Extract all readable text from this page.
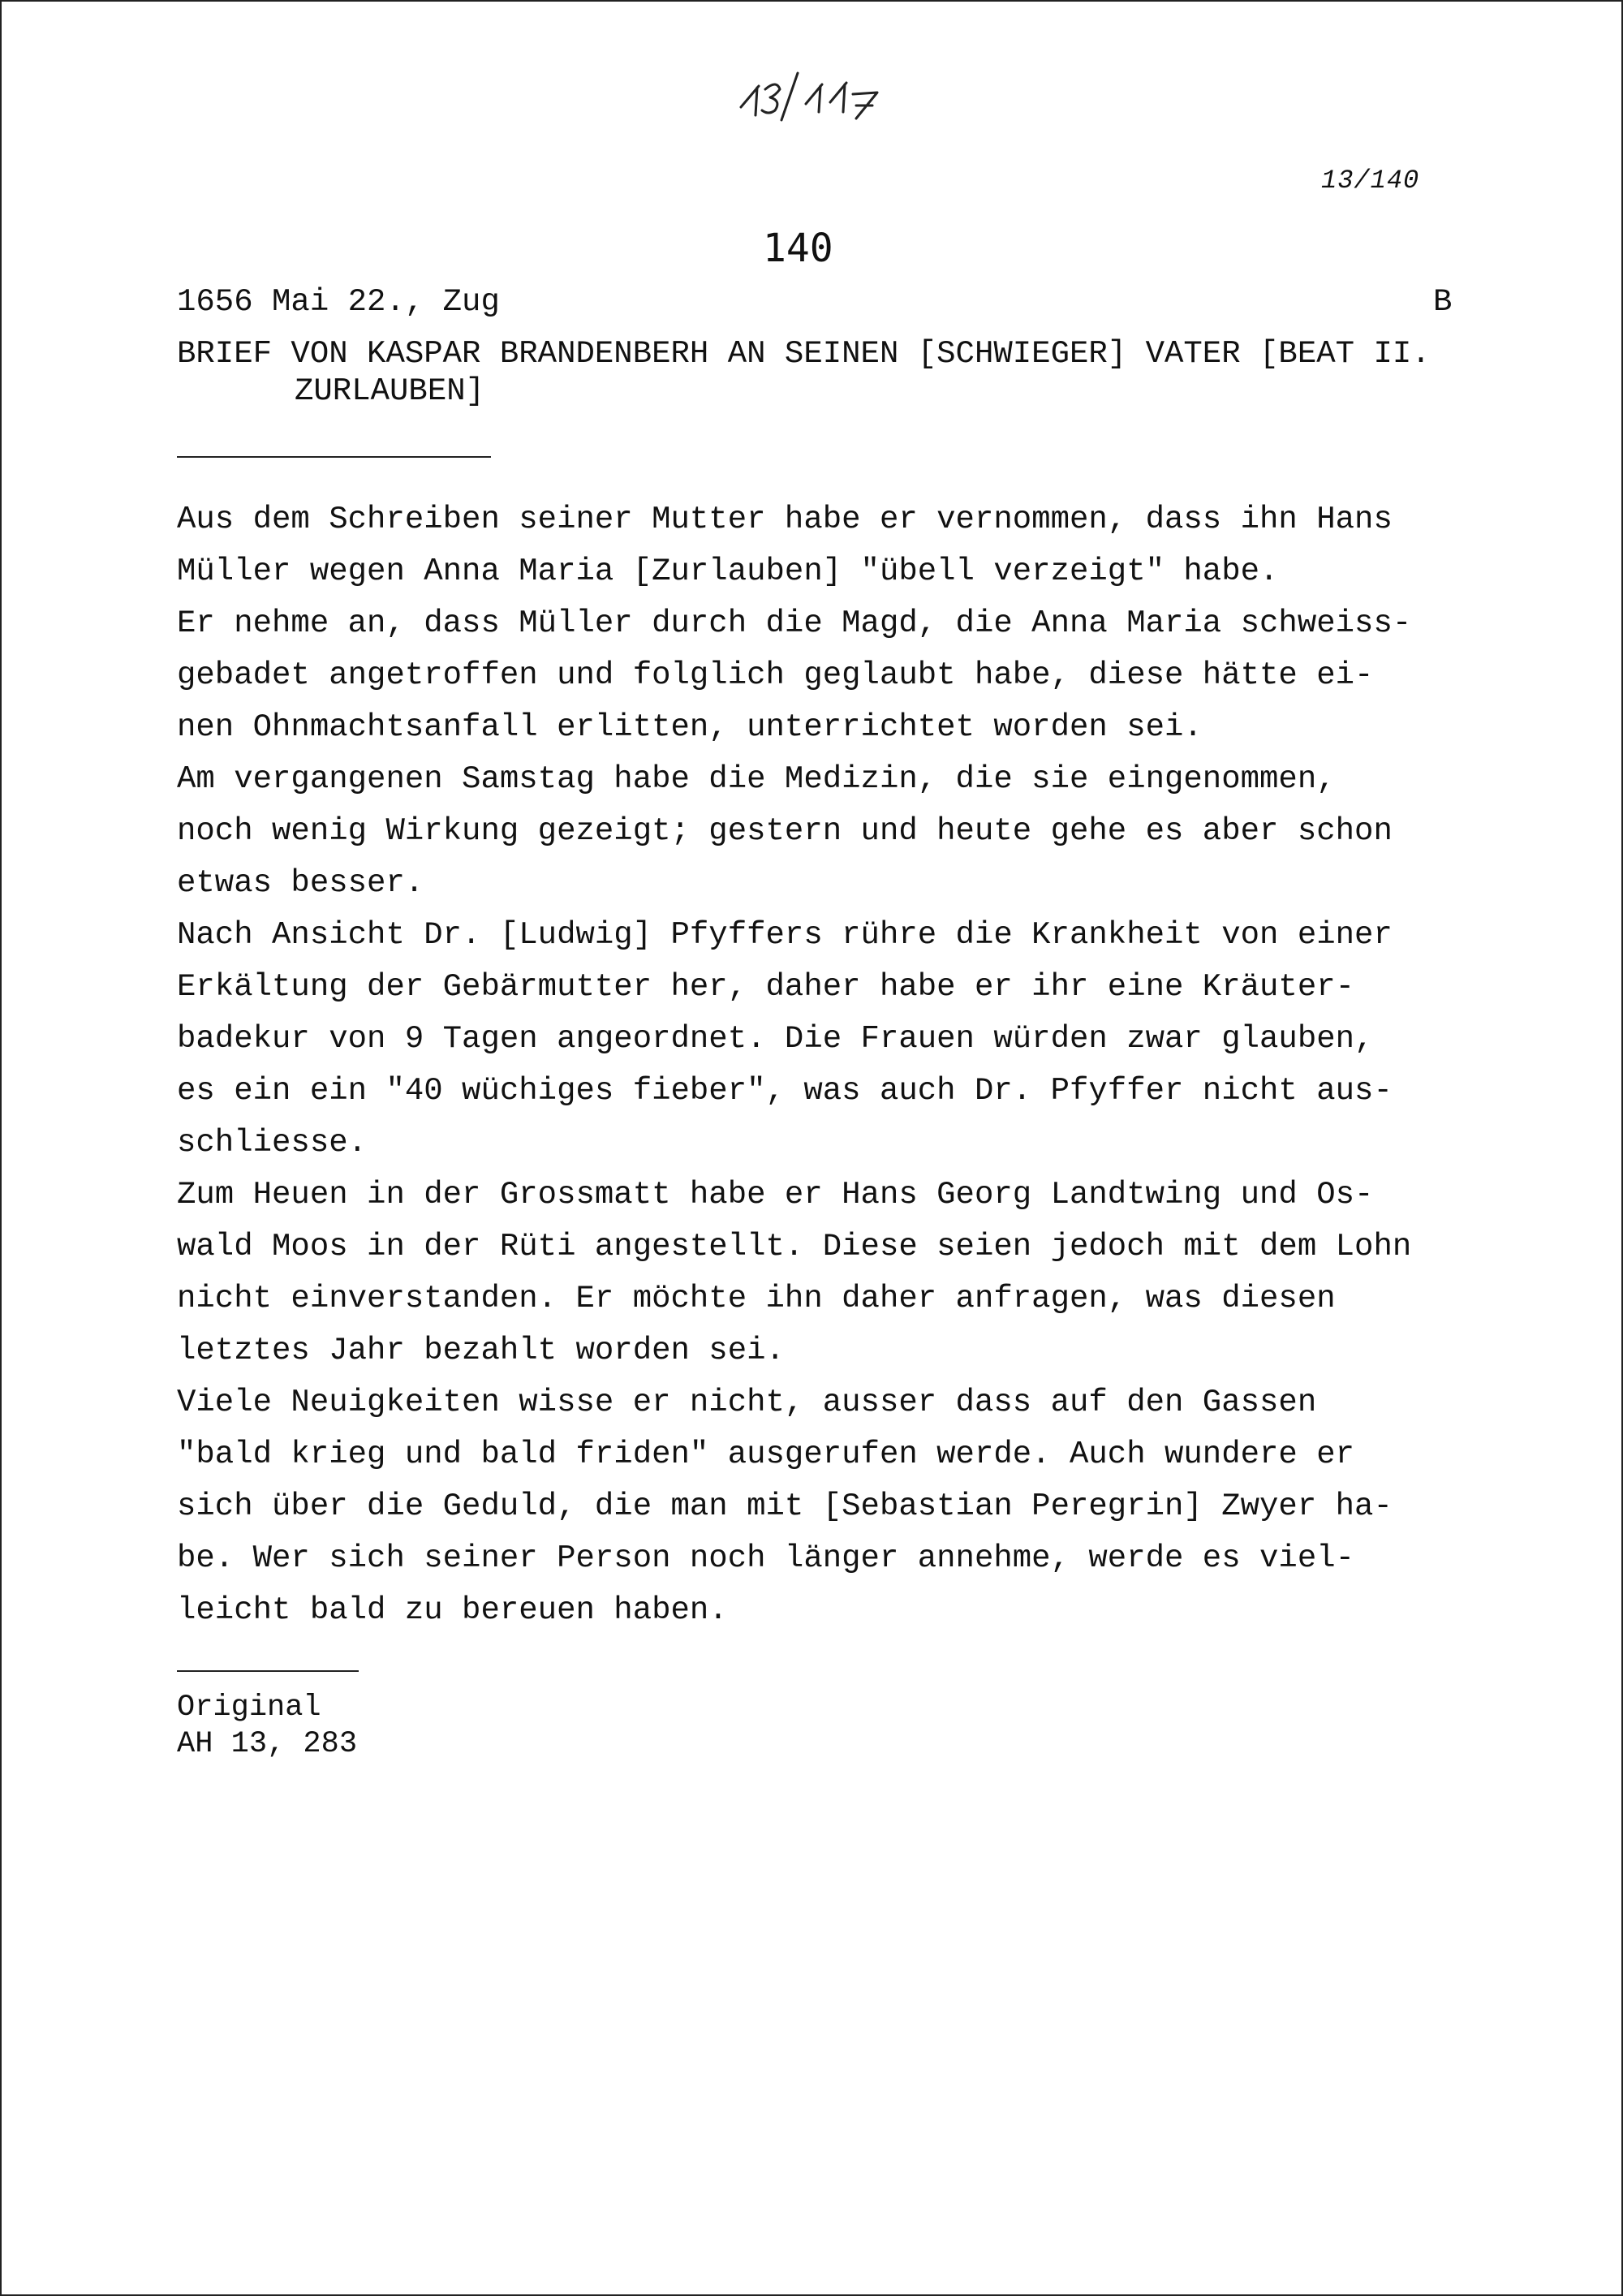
13/140
140
1656 Mai 22., Zug	B
BRIEF VON KASPAR BRANDENBERH AN SEINEN [SCHWIEGER] VATER [BEAT II.
ZURLAUBEN]
Aus dem Schreiben seiner Mutter habe er vernommen, dass ihn Hans
Müller wegen Anna Maria [Zurlauben] "übell verzeigt" habe.
Er nehme an, dass Müller durch die Magd, die Anna Maria schweiss-
gebadet angetroffen und folglich geglaubt habe, diese hätte ei-
nen Ohnmachtsanfall erlitten, unterrichtet worden sei.
Am vergangenen Samstag habe die Medizin, die sie eingenommen,
noch wenig Wirkung gezeigt; gestern und heute gehe es aber schon
etwas besser.
Nach Ansicht Dr. [Ludwig] Pfyffers rühre die Krankheit von einer
Erkältung der Gebärmutter her, daher habe er ihr eine Kräuter-
badekur von 9 Tagen angeordnet. Die Frauen würden zwar glauben,
es ein ein "40 wüchiges fieber", was auch Dr. Pfyffer nicht aus-
schliesse.
Zum Heuen in der Grossmatt habe er Hans Georg Landtwing und Os-
wald Moos in der Rüti angestellt. Diese seien jedoch mit dem Lohn
nicht einverstanden. Er möchte ihn daher anfragen, was diesen
letztes Jahr bezahlt worden sei.
Viele Neuigkeiten wisse er nicht, ausser dass auf den Gassen
"bald krieg und bald friden" ausgerufen werde. Auch wundere er
sich über die Geduld, die man mit [Sebastian Peregrin] Zwyer ha-
be. Wer sich seiner Person noch länger annehme, werde es viel-
leicht bald zu bereuen haben.
Original
AH 13, 283
